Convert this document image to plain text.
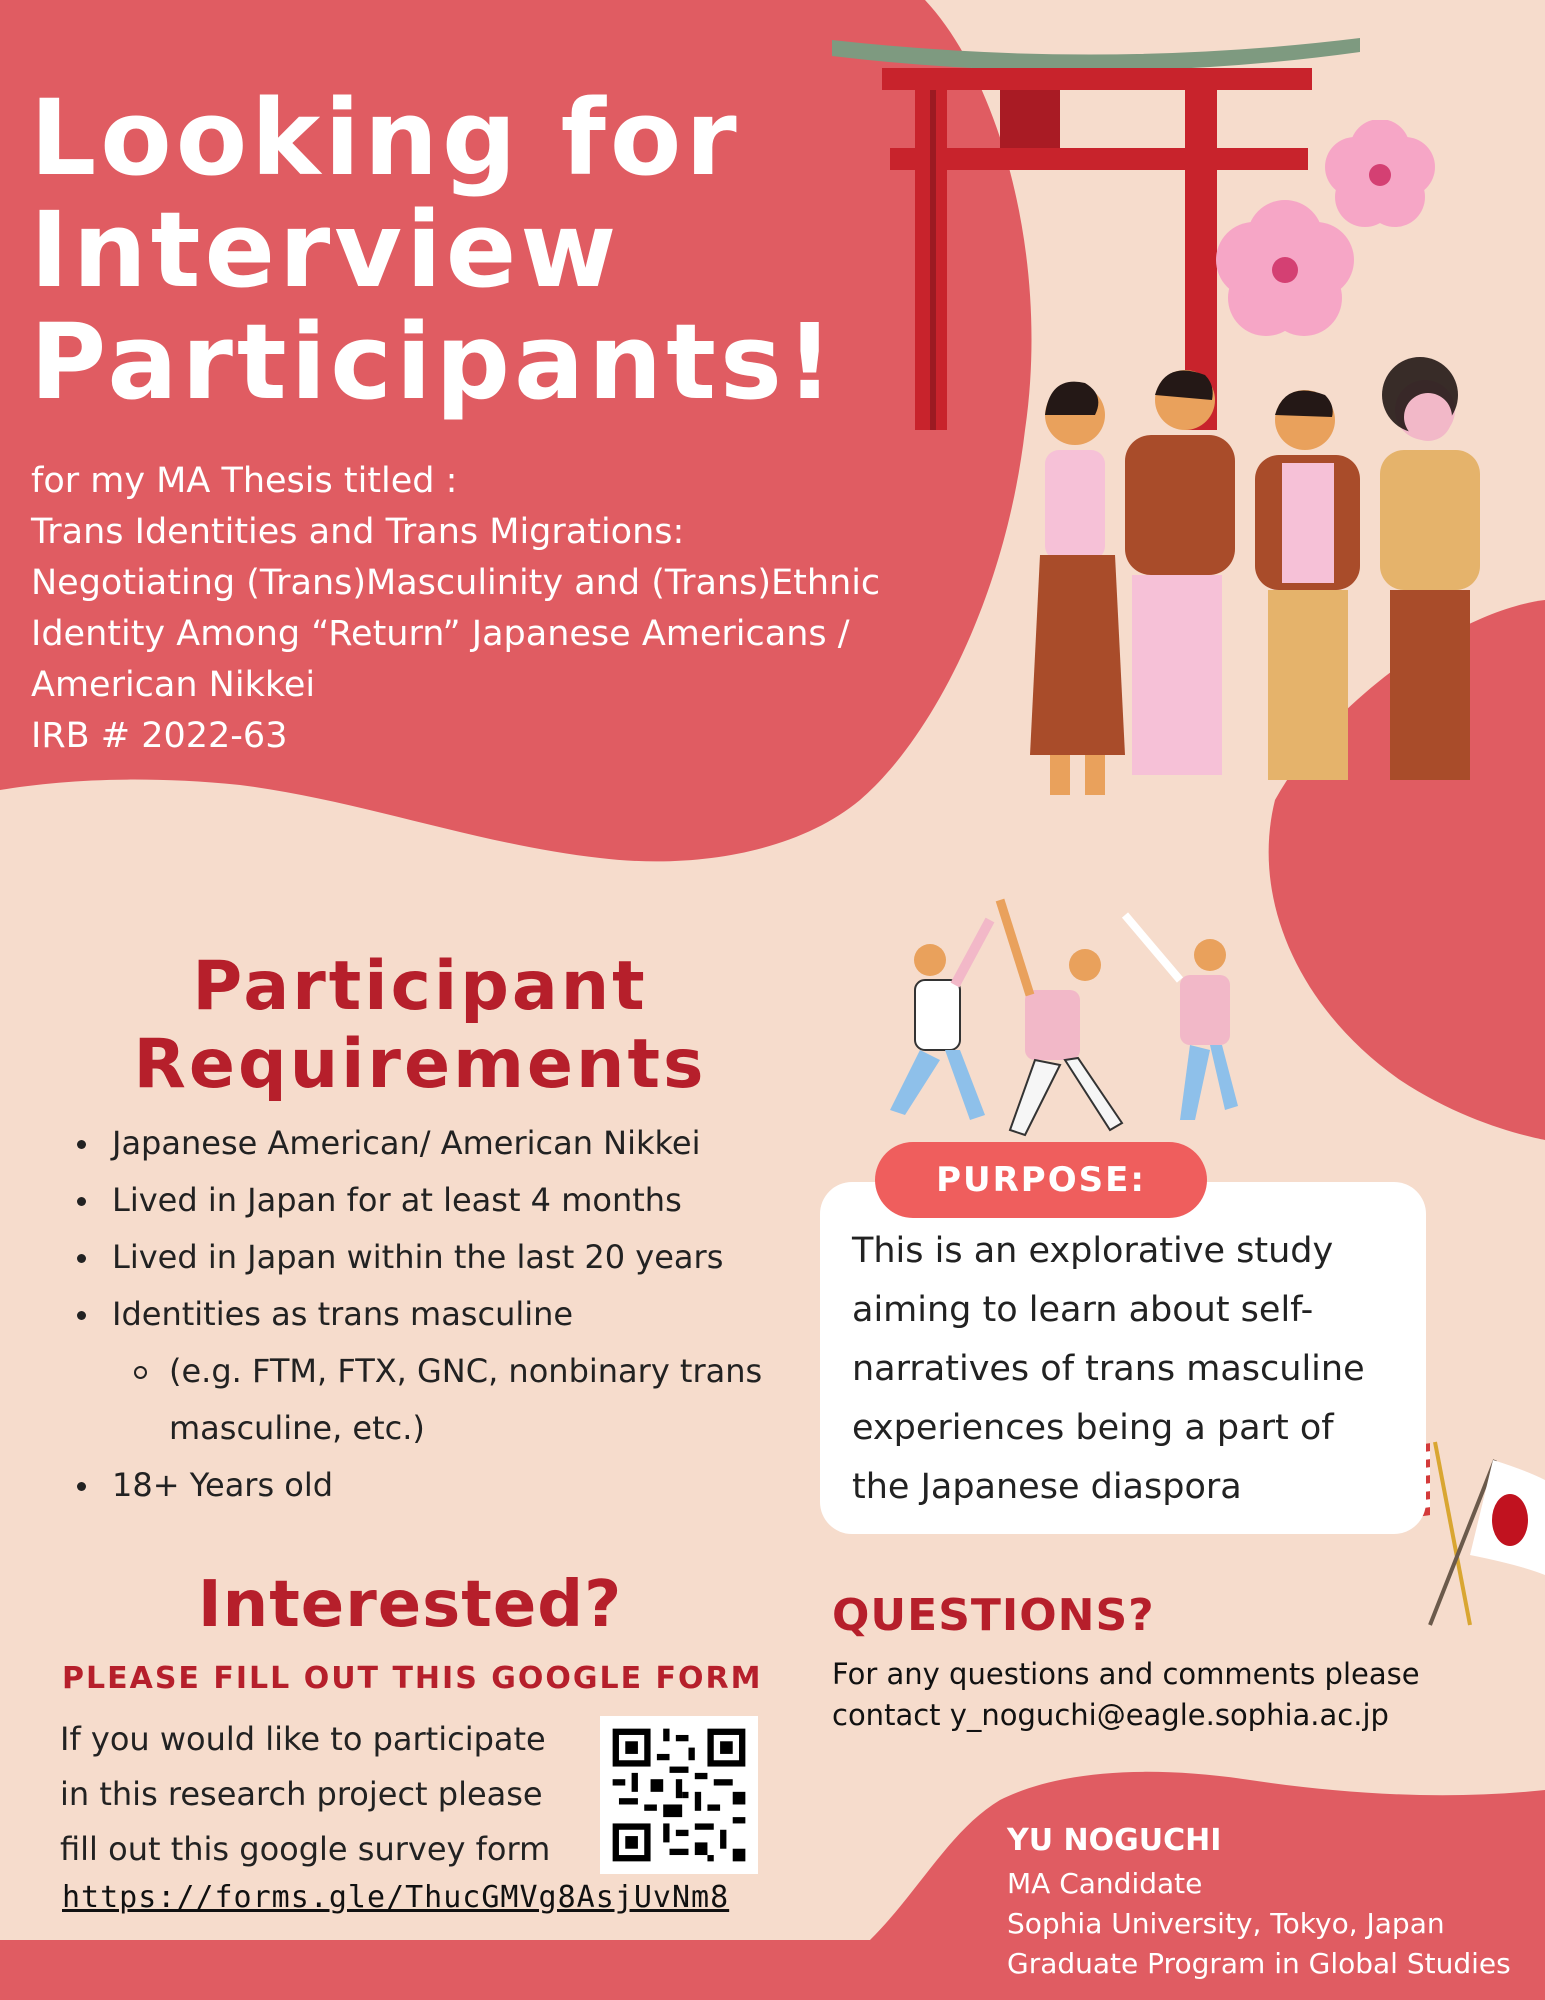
Looking for
Interview
Participants!
for my MA Thesis titled :
Trans Identities and Trans Migrations:
Negotiating (Trans)Masculinity and (Trans)Ethnic
Identity Among “Return” Japanese Americans /
American Nikkei
IRB # 2022-63
Participant
Requirements
Japanese American/ American Nikkei
Lived in Japan for at least 4 months
Lived in Japan within the last 20 years
Identities as trans masculine
(e.g. FTM, FTX, GNC, nonbinary trans
masculine, etc.)
18+ Years old
PURPOSE:
This is an explorative study
aiming to learn about self-
narratives of trans masculine
experiences being a part of
the Japanese diaspora
Interested?
PLEASE FILL OUT THIS GOOGLE FORM
If you would like to participate
in this research project please
fill out this google survey form
https://forms.gle/ThucGMVg8AsjUvNm8
QUESTIONS?
For any questions and comments please
contact y_noguchi@eagle.sophia.ac.jp
YU NOGUCHI
MA Candidate
Sophia University, Tokyo, Japan
Graduate Program in Global Studies
